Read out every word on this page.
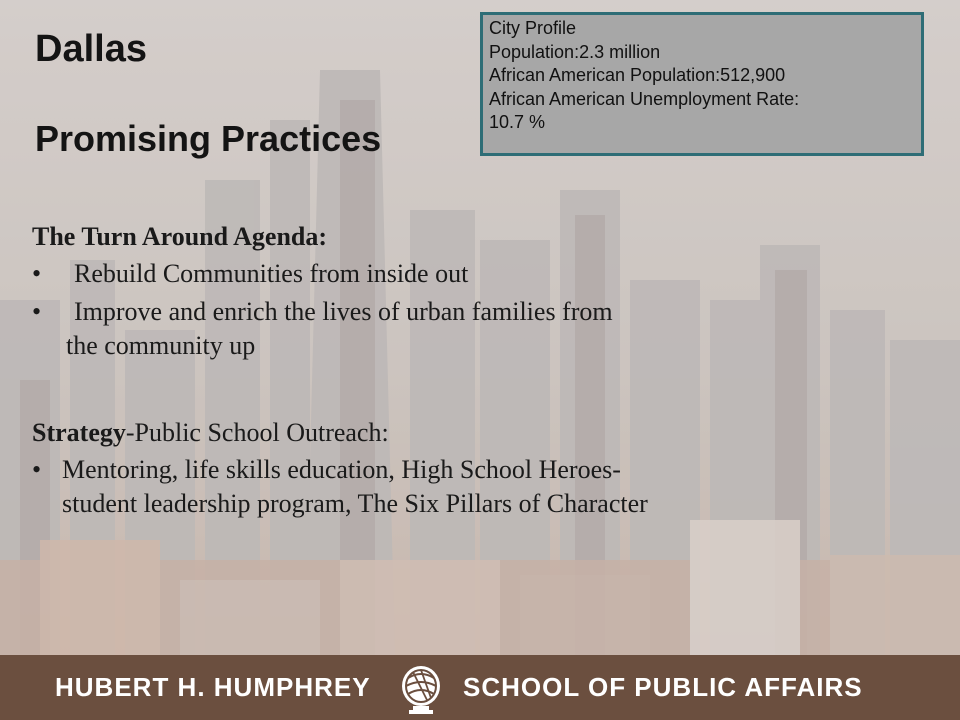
Dallas
Promising Practices
City Profile
Population:2.3 million
African American Population:512,900
African American Unemployment Rate:
10.7 %
The Turn Around Agenda:
• Rebuild Communities from inside out
• Improve and enrich the lives of urban families from
the community up
Strategy-Public School Outreach:
• Mentoring, life skills education, High School Heroes-
student leadership program, The Six Pillars of Character
HUBERT H. HUMPHREY	SCHOOL OF PUBLIC AFFAIRS
